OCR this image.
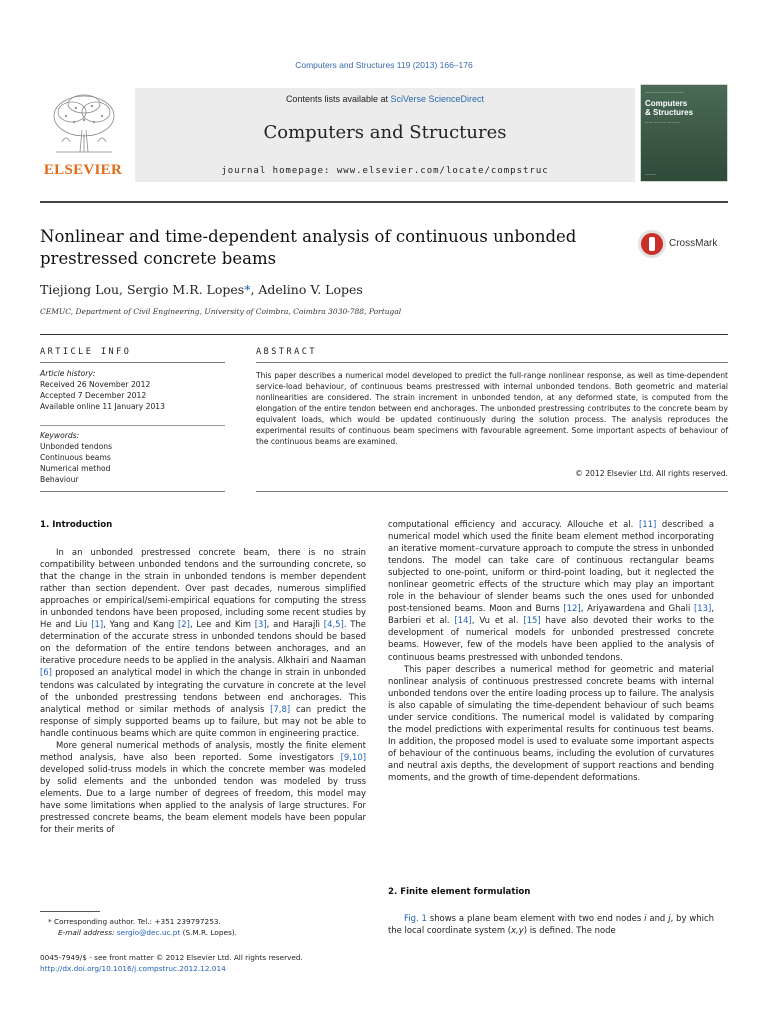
Computers and Structures 119 (2013) 166–176
ELSEVIER
Contents lists available at SciVerse ScienceDirect
Computers and Structures
journal homepage: www.elsevier.com/locate/compstruc
———————————
Computers
& Structures
— — — — — — — —
———
Nonlinear and time-dependent analysis of continuous unbonded prestressed concrete beams
CrossMark
Tiejiong Lou, Sergio M.R. Lopes*, Adelino V. Lopes
CEMUC, Department of Civil Engineering, University of Coimbra, Coimbra 3030-788, Portugal
ARTICLE INFO	ABSTRACT
Article history:
Received 26 November 2012
Accepted 7 December 2012
Available online 11 January 2013
Keywords:
Unbonded tendons
Continuous beams
Numerical method
Behaviour
This paper describes a numerical model developed to predict the full-range nonlinear response, as well as time-dependent service-load behaviour, of continuous beams prestressed with internal unbonded tendons. Both geometric and material nonlinearities are considered. The strain increment in unbonded tendon, at any deformed state, is computed from the elongation of the entire tendon between end anchorages. The unbonded prestressing contributes to the concrete beam by equivalent loads, which would be updated continuously during the solution process. The analysis reproduces the experimental results of continuous beam specimens with favourable agreement. Some important aspects of behaviour of the continuous beams are examined.
© 2012 Elsevier Ltd. All rights reserved.
1. Introduction

In an unbonded prestressed concrete beam, there is no strain compatibility between unbonded tendons and the surrounding concrete, so that the change in the strain in unbonded tendons is member dependent rather than section dependent. Over past decades, numerous simplified approaches or empirical/semi-empirical equations for computing the stress in unbonded tendons have been proposed, including some recent studies by He and Liu [1], Yang and Kang [2], Lee and Kim [3], and Harajli [4,5]. The determination of the accurate stress in unbonded tendons should be based on the deformation of the entire tendons between anchorages, and an iterative procedure needs to be applied in the analysis. Alkhairi and Naaman [6] proposed an analytical model in which the change in strain in unbonded tendons was calculated by integrating the curvature in concrete at the level of the unbonded prestressing tendons between end anchorages. This analytical method or similar methods of analysis [7,8] can predict the response of simply supported beams up to failure, but may not be able to handle continuous beams which are quite common in engineering practice.

More general numerical methods of analysis, mostly the finite element method analysis, have also been reported. Some investigators [9,10] developed solid-truss models in which the concrete member was modeled by solid elements and the unbonded tendon was modeled by truss elements. Due to a large number of degrees of freedom, this model may have some limitations when applied to the analysis of large structures. For prestressed concrete beams, the beam element models have been popular for their merits of

computational efficiency and accuracy. Allouche et al. [11] described a numerical model which used the finite beam element method incorporating an iterative moment–curvature approach to compute the stress in unbonded tendons. The model can take care of continuous rectangular beams subjected to one-point, uniform or third-point loading, but it neglected the nonlinear geometric effects of the structure which may play an important role in the behaviour of slender beams such the ones used for unbonded post-tensioned beams. Moon and Burns [12], Ariyawardena and Ghali [13], Barbieri et al. [14], Vu et al. [15] have also devoted their works to the development of numerical models for unbonded prestressed concrete beams. However, few of the models have been applied to the analysis of continuous beams prestressed with unbonded tendons.

This paper describes a numerical method for geometric and material nonlinear analysis of continuous prestressed concrete beams with internal unbonded tendons over the entire loading process up to failure. The analysis is also capable of simulating the time-dependent behaviour of such beams under service conditions. The numerical model is validated by comparing the model predictions with experimental results for continuous test beams. In addition, the proposed model is used to evaluate some important aspects of behaviour of the continuous beams, including the evolution of curvatures and neutral axis depths, the development of support reactions and bending moments, and the growth of time-dependent deformations.

2. Finite element formulation

Fig. 1 shows a plane beam element with two end nodes i and j, by which the local coordinate system (x,y) is defined. The node

* Corresponding author. Tel.: +351 239797253.
E-mail address: sergio@dec.uc.pt (S.M.R. Lopes).
0045-7949/$ - see front matter © 2012 Elsevier Ltd. All rights reserved.
http://dx.doi.org/10.1016/j.compstruc.2012.12.014
